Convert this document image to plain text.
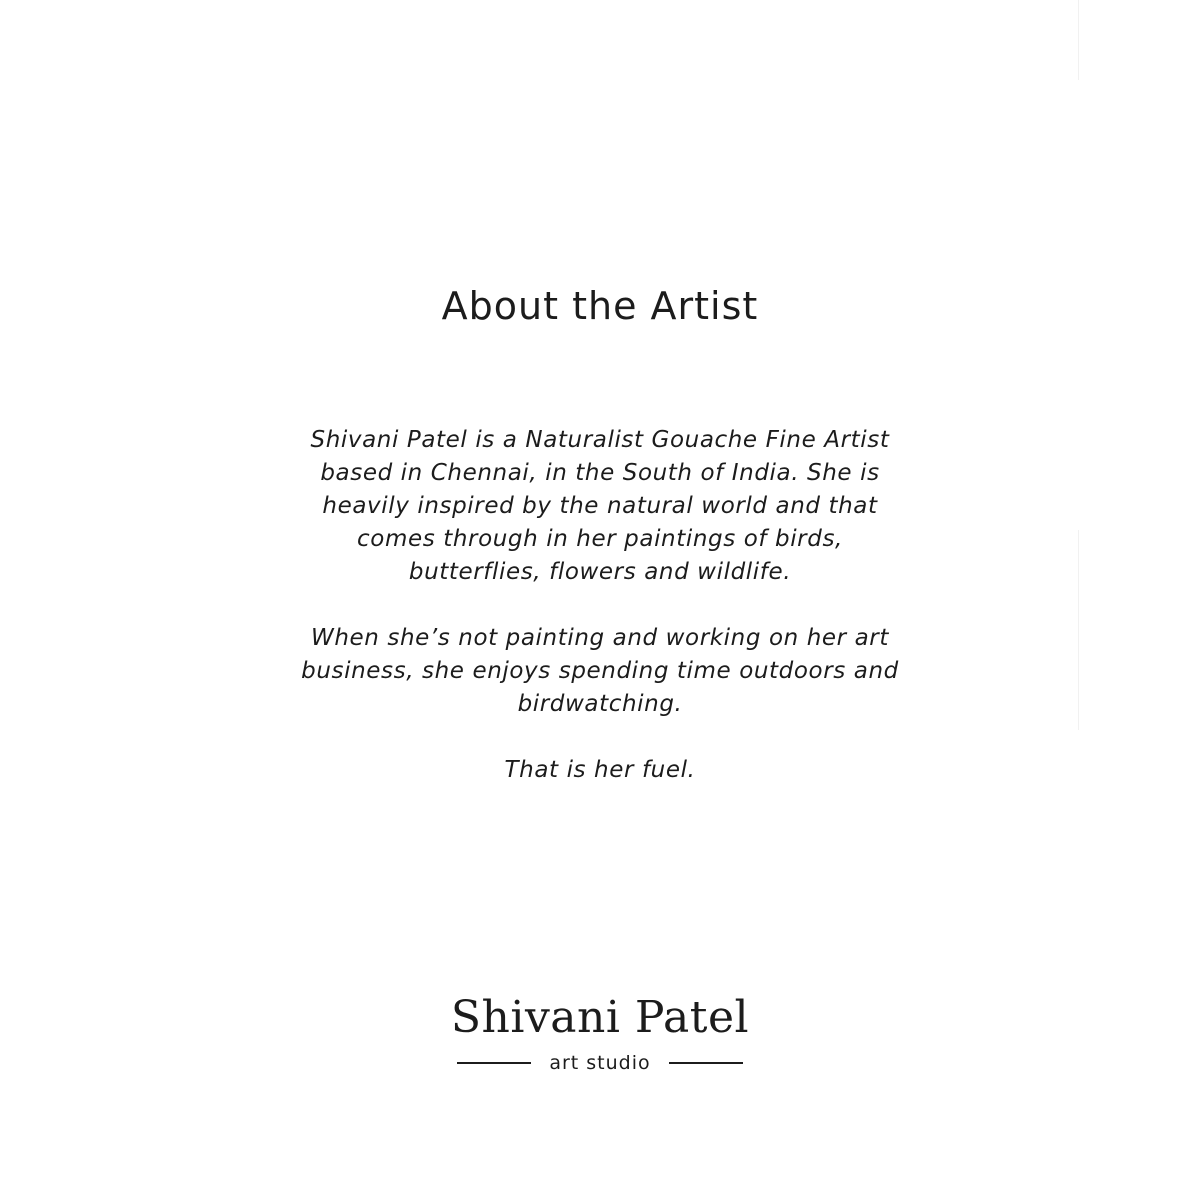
About the Artist

Shivani Patel is a Naturalist Gouache Fine Artist
based in Chennai, in the South of India. She is
heavily inspired by the natural world and that
comes through in her paintings of birds,
butterflies, flowers and wildlife.

When she’s not painting and working on her art
business, she enjoys spending time outdoors and
birdwatching.

That is her fuel.

Shivani Patel
art studio
